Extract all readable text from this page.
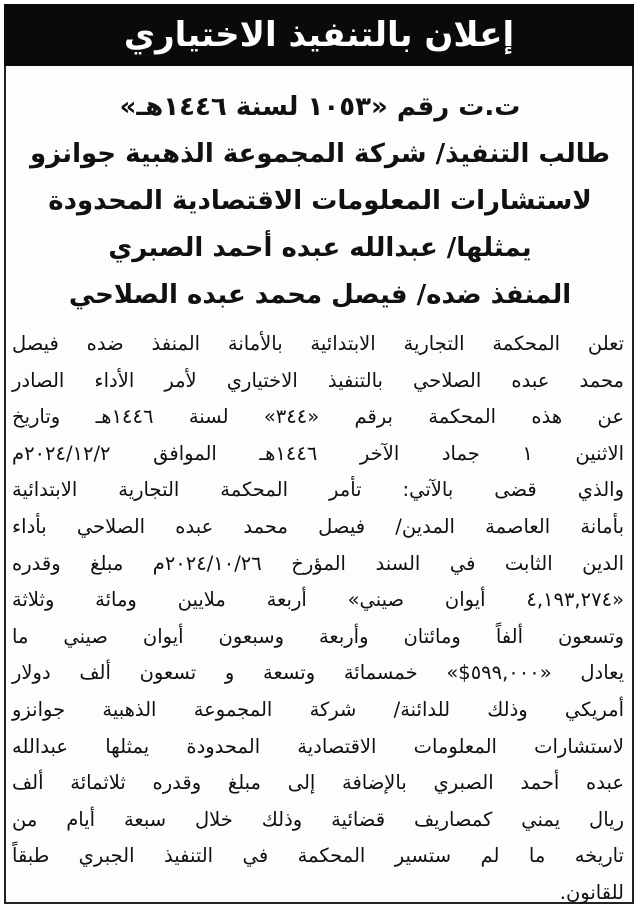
إعلان بالتنفيذ الاختياري
ت.ت رقم «١٠٥٣ لسنة ١٤٤٦هـ»
طالب التنفيذ/ شركة المجموعة الذهبية جوانزو
لاستشارات المعلومات الاقتصادية المحدودة
يمثلها/ عبدالله عبده أحمد الصبري
المنفذ ضده/ فيصل محمد عبده الصلاحي
تعلن المحكمة التجارية الابتدائية بالأمانة المنفذ ضده فيصل
محمد عبده الصلاحي بالتنفيذ الاختياري لأمر الأداء الصادر
عن هذه المحكمة برقم «٣٤٤» لسنة ١٤٤٦هـ وتاريخ
الاثنين ١ جماد الآخر ١٤٤٦هـ الموافق ٢٠٢٤/١٢/٢م
والذي قضى بالآتي: تأمر المحكمة التجارية الابتدائية
بأمانة العاصمة المدين/ فيصل محمد عبده الصلاحي بأداء
الدين الثابت في السند المؤرخ ٢٠٢٤/١٠/٢٦م مبلغ وقدره
«٤,١٩٣,٢٧٤ أيوان صيني» أربعة ملايين ومائة وثلاثة
وتسعون ألفاً ومائتان وأربعة وسبعون أيوان صيني ما
يعادل «٥٩٩,٠٠٠$» خمسمائة وتسعة و تسعون ألف دولار
أمريكي وذلك للدائنة/ شركة المجموعة الذهبية جوانزو
لاستشارات المعلومات الاقتصادية المحدودة يمثلها عبدالله
عبده أحمد الصبري بالإضافة إلى مبلغ وقدره ثلاثمائة ألف
ريال يمني كمصاريف قضائية وذلك خلال سبعة أيام من
تاريخه ما لم ستسير المحكمة في التنفيذ الجبري طبقاً
للقانون.
